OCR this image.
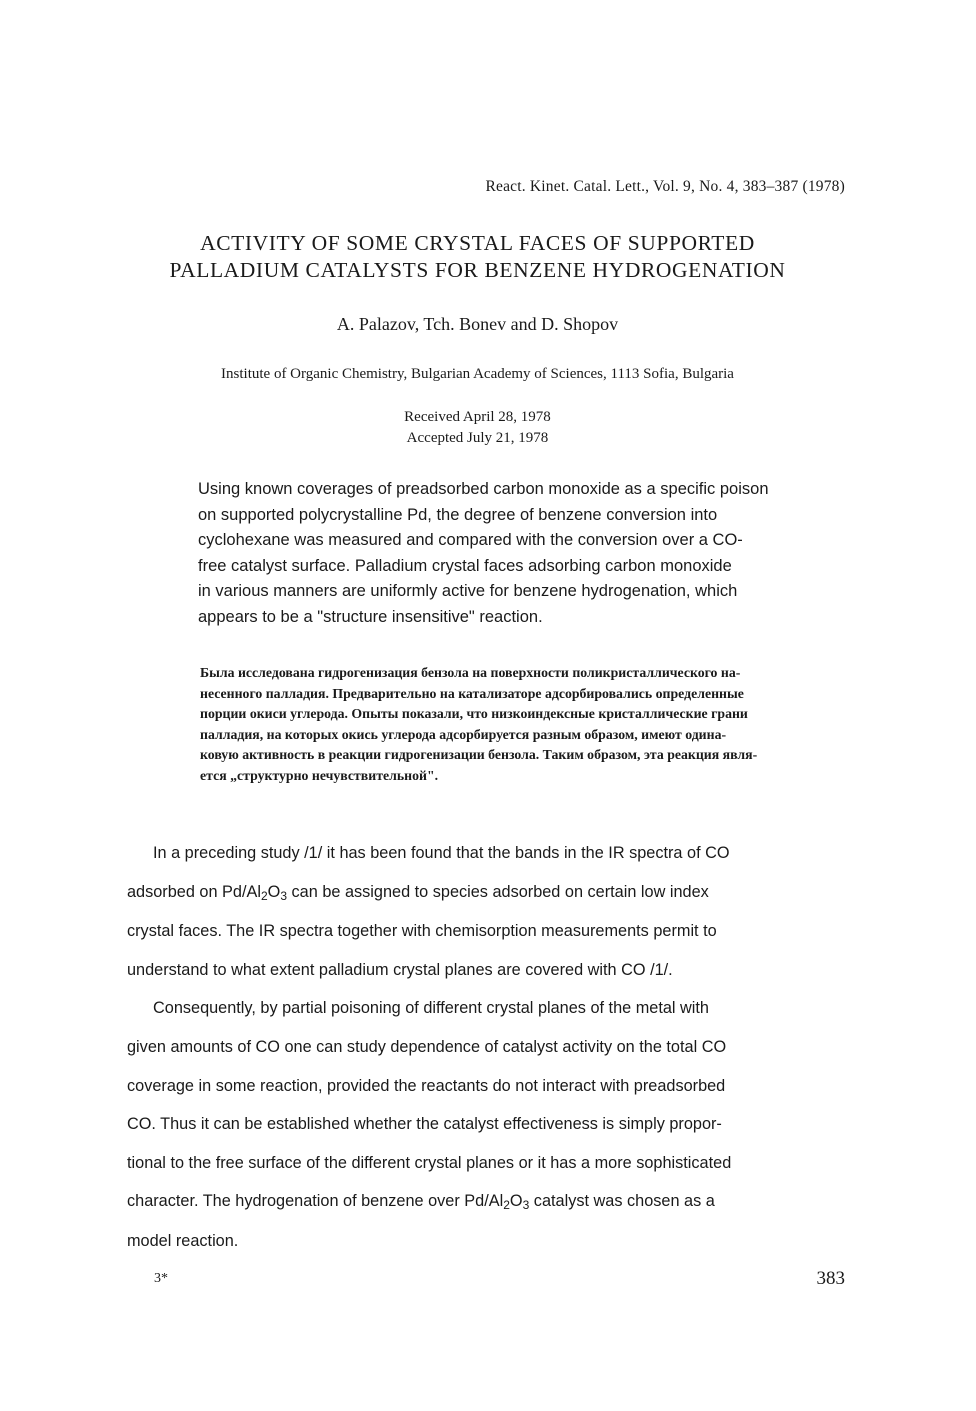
React. Kinet. Catal. Lett., Vol. 9, No. 4, 383–387 (1978)
ACTIVITY OF SOME CRYSTAL FACES OF SUPPORTED
PALLADIUM CATALYSTS FOR BENZENE HYDROGENATION
A. Palazov, Tch. Bonev and D. Shopov
Institute of Organic Chemistry, Bulgarian Academy of Sciences, 1113 Sofia, Bulgaria
Received April 28, 1978
Accepted July 21, 1978
Using known coverages of preadsorbed carbon monoxide as a specific poison
on supported polycrystalline Pd, the degree of benzene conversion into
cyclohexane was measured and compared with the conversion over a CO-
free catalyst surface. Palladium crystal faces adsorbing carbon monoxide
in various manners are uniformly active for benzene hydrogenation, which
appears to be a "structure insensitive" reaction.
Была исследована гидрогенизация бензола на поверхности поликристаллического на-
несенного палладия. Предварительно на катализаторе адсорбировались определенные
порции окиси углерода. Опыты показали, что низкоиндексные кристаллические грани
палладия, на которых окись углерода адсорбируется разным образом, имеют одина-
ковую активность в реакции гидрогенизации бензола. Таким образом, эта реакция явля-
ется „структурно нечувствительной".
In a preceding study /1/ it has been found that the bands in the IR spectra of CO
adsorbed on $Pd/Al_2O_3$ can be assigned to species adsorbed on certain low index
crystal faces. The IR spectra together with chemisorption measurements permit to
understand to what extent palladium crystal planes are covered with CO /1/.
Consequently, by partial poisoning of different crystal planes of the metal with
given amounts of CO one can study dependence of catalyst activity on the total CO
coverage in some reaction, provided the reactants do not interact with preadsorbed
CO. Thus it can be established whether the catalyst effectiveness is simply propor-
tional to the free surface of the different crystal planes or it has a more sophisticated
character. The hydrogenation of benzene over $Pd/Al_2O_3$ catalyst was chosen as a
model reaction.
3*	383
